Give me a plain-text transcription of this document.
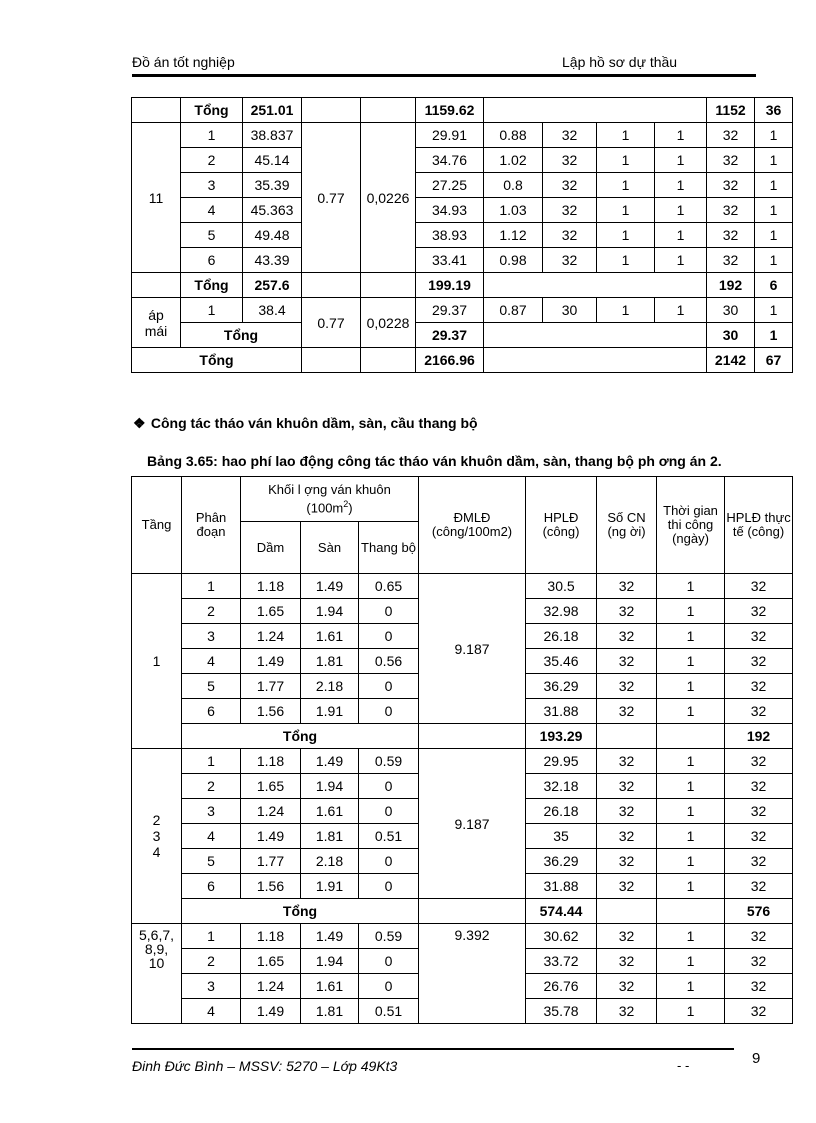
Đồ án tốt nghiệp	Lập hồ sơ dự thầu
	Tổng	251.01			1159.62					1152	36
11	1	38.837	0.77	0,0226	29.91	0.88	32	1	1	32	1
	2	45.14			34.76	1.02	32	1	1	32	1
	3	35.39			27.25	0.8	32	1	1	32	1
	4	45.363			34.93	1.03	32	1	1	32	1
	5	49.48			38.93	1.12	32	1	1	32	1
	6	43.39			33.41	0.98	32	1	1	32	1
	Tổng	257.6			199.19					192	6
áp
mái	1	38.4	0.77	0,0228	29.37	0.87	30	1	1	30	1
	Tổng				29.37					30	1
Tổng					2166.96					2142	67
❖ Công tác tháo ván khuôn dầm, sàn, cầu thang bộ
Bảng 3.65: hao phí lao động công tác tháo ván khuôn dầm, sàn, thang bộ ph ơng án 2.
Tầng	Phân đoạn	Khối l ợng ván khuôn
$(100m^2)$			ĐMLĐ (công/100m2)	HPLĐ (công)	Số CN (ng ời)	Thời gian thi công (ngày)	HPLĐ thực tế (công)
		Dầm	Sàn	Thang bộ					
1	1	1.18	1.49	0.65	9.187	30.5	32	1	32
	2	1.65	1.94	0		32.98	32	1	32
	3	1.24	1.61	0		26.18	32	1	32
	4	1.49	1.81	0.56		35.46	32	1	32
	5	1.77	2.18	0		36.29	32	1	32
	6	1.56	1.91	0		31.88	32	1	32
	Tổng					193.29			192
2
3
4	1	1.18	1.49	0.59	9.187	29.95	32	1	32
	2	1.65	1.94	0		32.18	32	1	32
	3	1.24	1.61	0		26.18	32	1	32
	4	1.49	1.81	0.51		35	32	1	32
	5	1.77	2.18	0		36.29	32	1	32
	6	1.56	1.91	0		31.88	32	1	32
	Tổng					574.44			576
5,6,7,
8,9,
10	1	1.18	1.49	0.59	9.392	30.62	32	1	32
	2	1.65	1.94	0		33.72	32	1	32
	3	1.24	1.61	0		26.76	32	1	32
	4	1.49	1.81	0.51		35.78	32	1	32
Đinh Đức Bình – MSSV: 5270 – Lớp 49Kt3	- -	9
